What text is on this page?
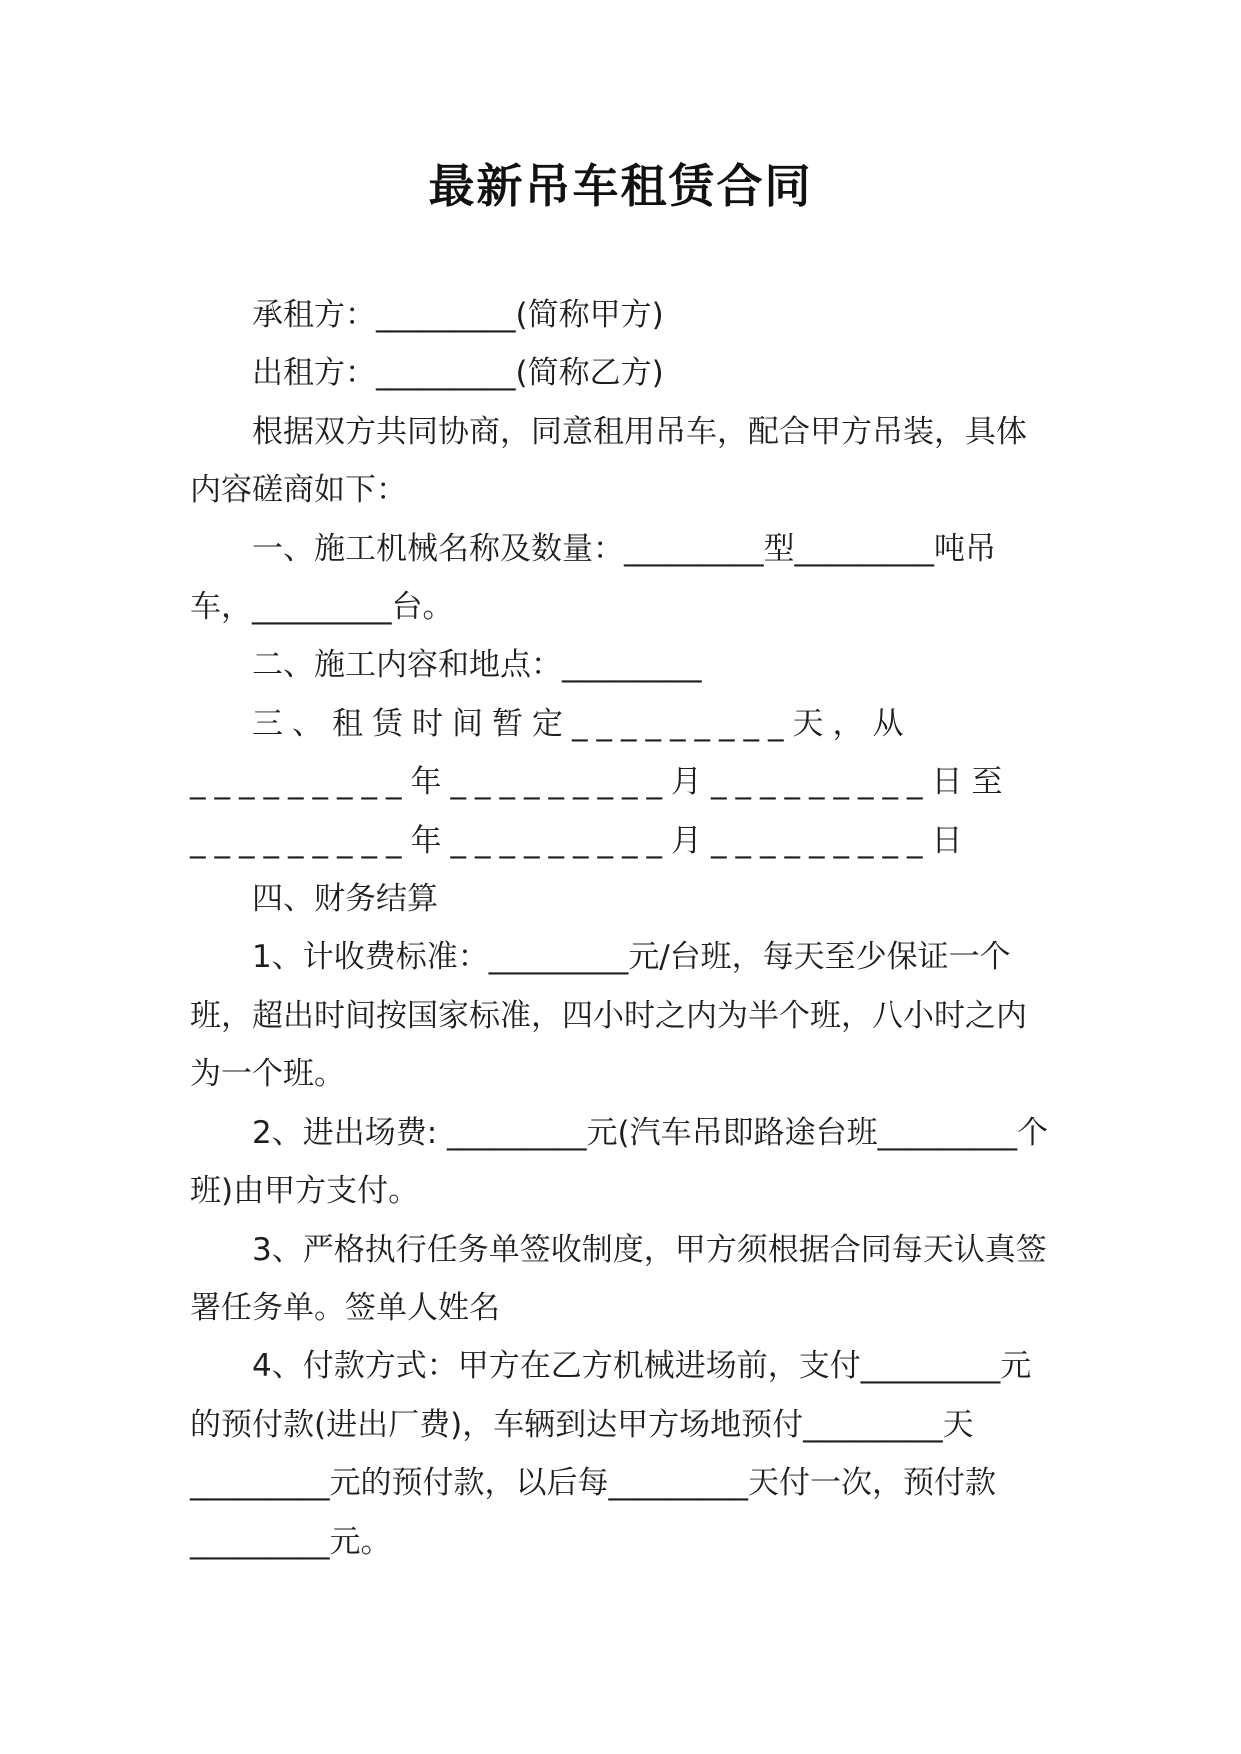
最新吊车租赁合同

承租方：_________(简称甲方)

出租方：_________(简称乙方)

根据双方共同协商，同意租用吊车，配合甲方吊装，具体内容磋商如下：

一、施工机械名称及数量：_________型_________吨吊车，_________台。

二、施工内容和地点：_________

三、租赁时间暂定_________天，从_________年_________月_________日至_________年_________月_________日

四、财务结算

1、计收费标准：_________元/台班，每天至少保证一个班，超出时间按国家标准，四小时之内为半个班，八小时之内为一个班。

2、进出场费: _________元(汽车吊即路途台班_________个班)由甲方支付。

3、严格执行任务单签收制度，甲方须根据合同每天认真签署任务单。签单人姓名

4、付款方式：甲方在乙方机械进场前，支付_________元的预付款(进出厂费)，车辆到达甲方场地预付_________天_________元的预付款，以后每_________天付一次，预付款_________元。
